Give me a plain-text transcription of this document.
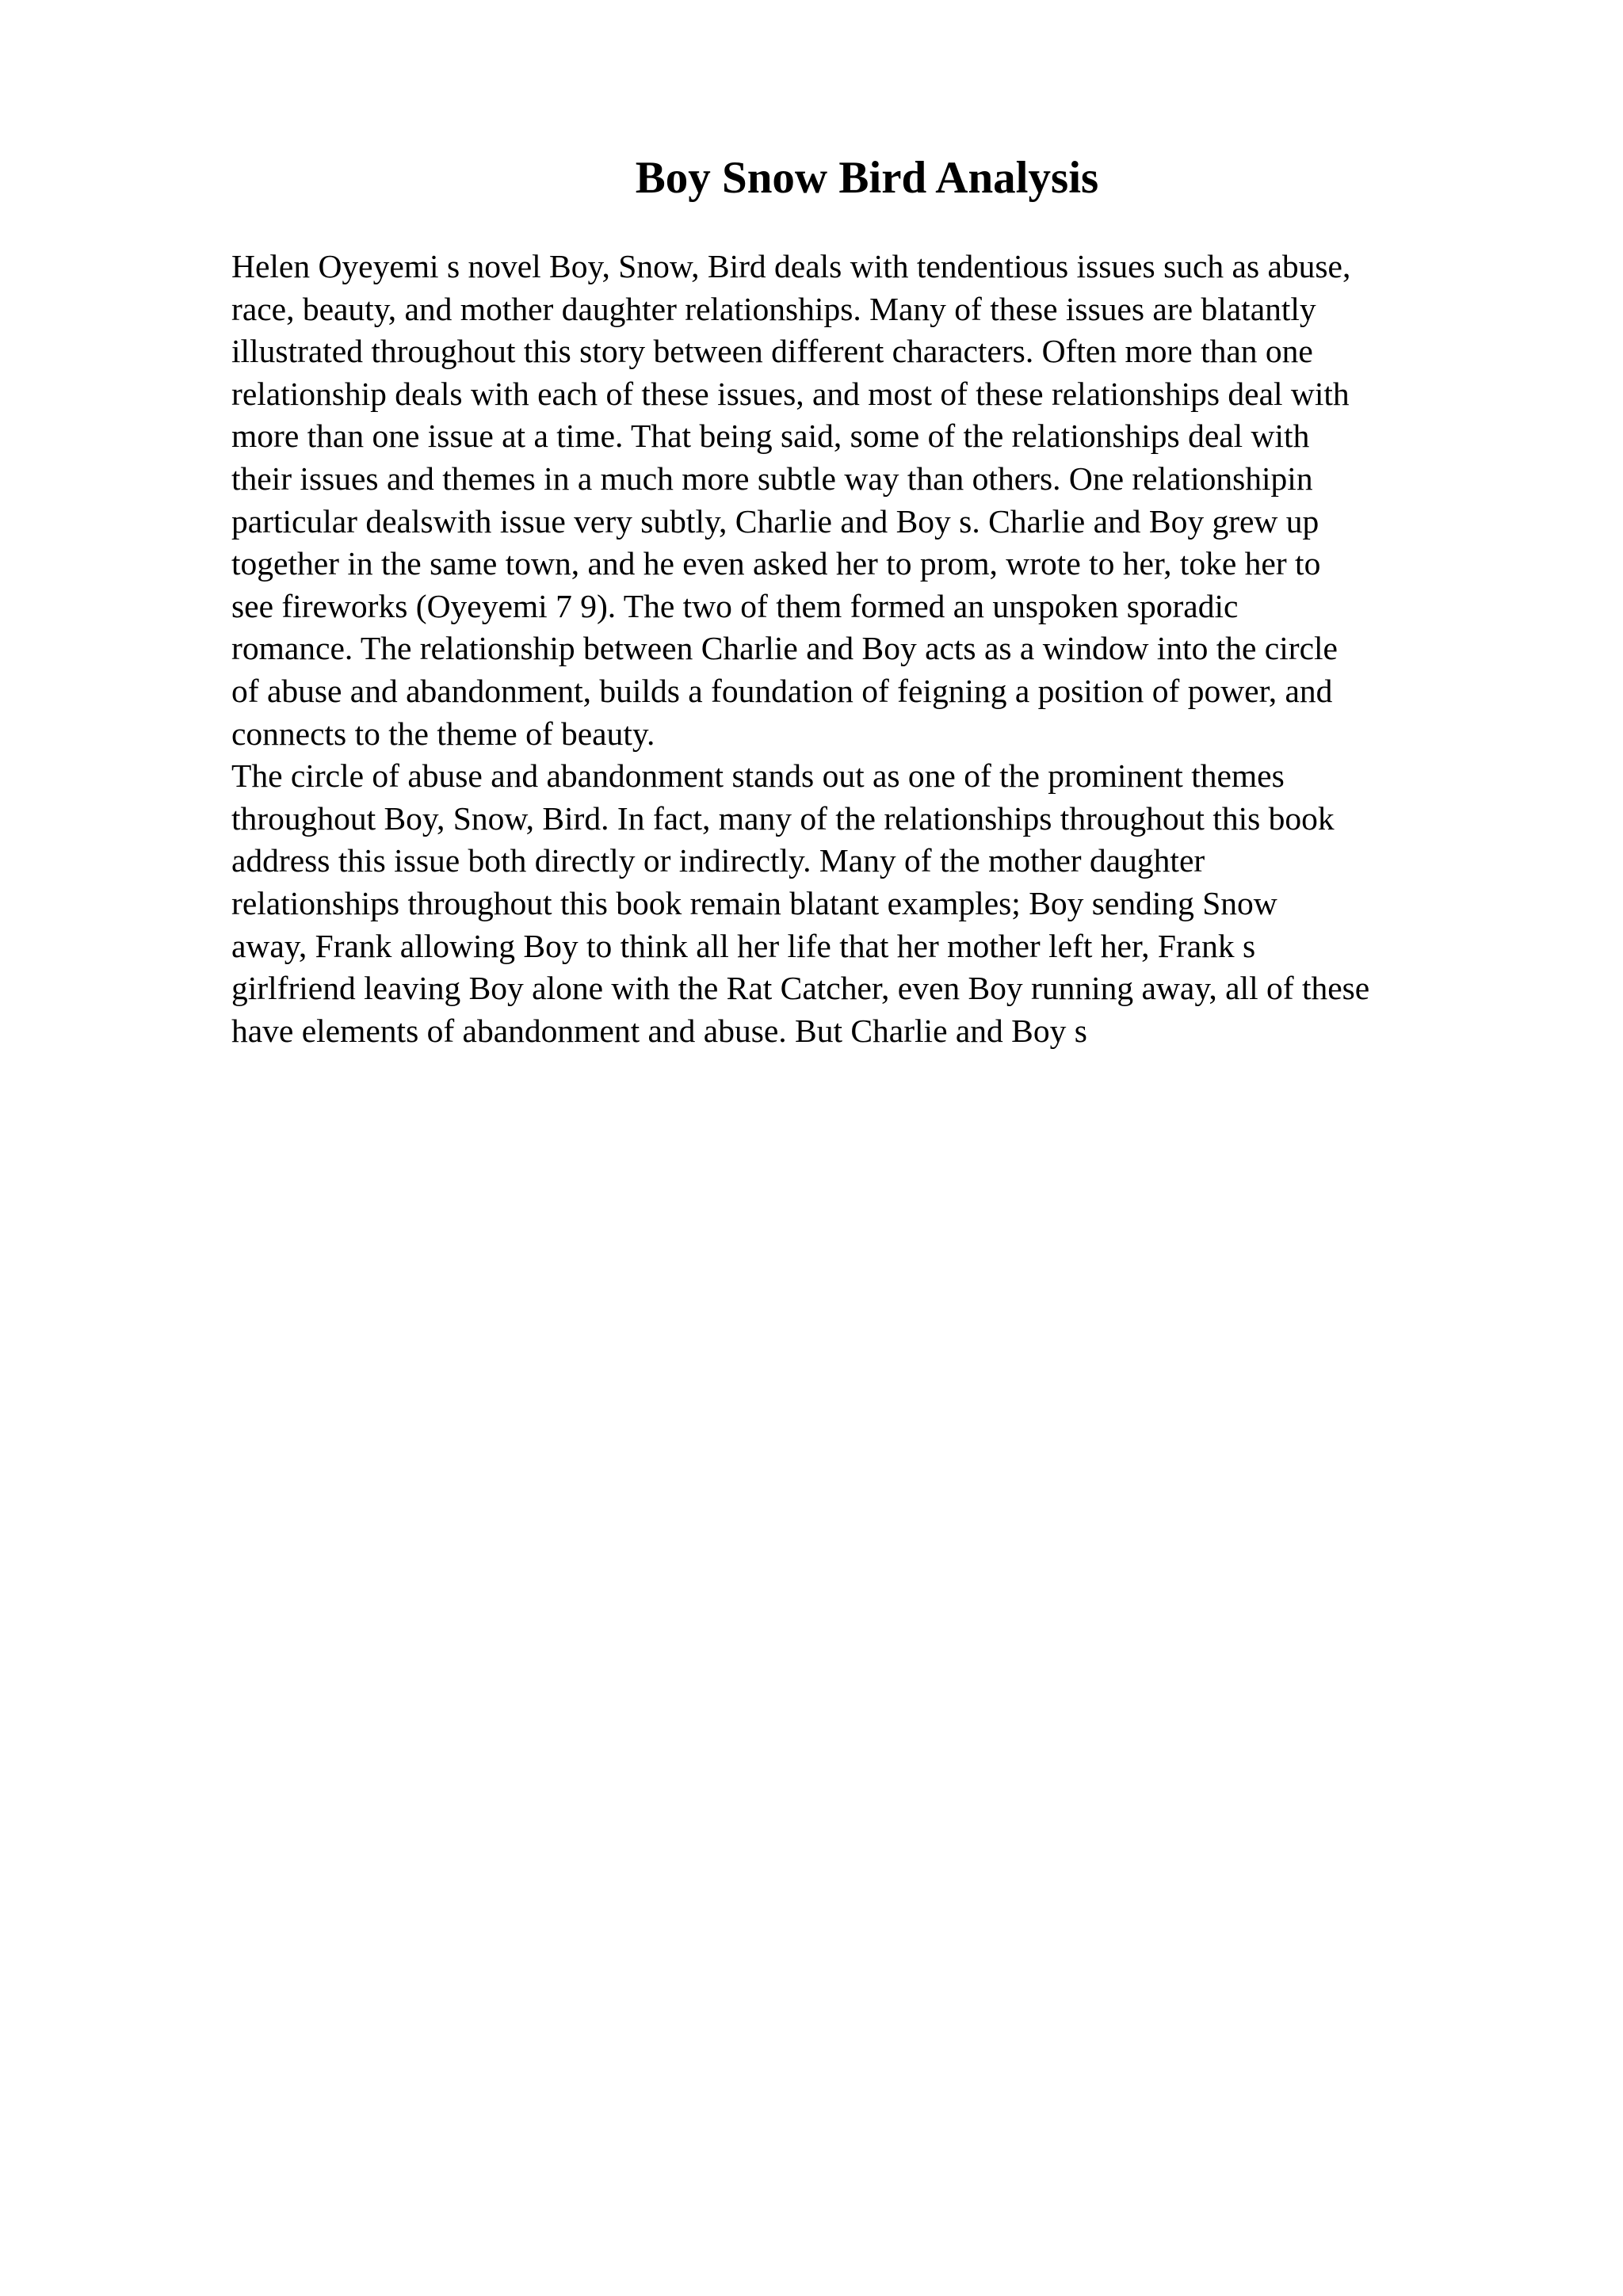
Boy Snow Bird Analysis
Helen Oyeyemi s novel Boy, Snow, Bird deals with tendentious issues such as abuse,
race, beauty, and mother daughter relationships. Many of these issues are blatantly
illustrated throughout this story between different characters. Often more than one
relationship deals with each of these issues, and most of these relationships deal with
more than one issue at a time. That being said, some of the relationships deal with
their issues and themes in a much more subtle way than others. One relationshipin
particular dealswith issue very subtly, Charlie and Boy s. Charlie and Boy grew up
together in the same town, and he even asked her to prom, wrote to her, toke her to
see fireworks (Oyeyemi 7 9). The two of them formed an unspoken sporadic
romance. The relationship between Charlie and Boy acts as a window into the circle
of abuse and abandonment, builds a foundation of feigning a position of power, and
connects to the theme of beauty.
The circle of abuse and abandonment stands out as one of the prominent themes
throughout Boy, Snow, Bird. In fact, many of the relationships throughout this book
address this issue both directly or indirectly. Many of the mother daughter
relationships throughout this book remain blatant examples; Boy sending Snow
away, Frank allowing Boy to think all her life that her mother left her, Frank s
girlfriend leaving Boy alone with the Rat Catcher, even Boy running away, all of these
have elements of abandonment and abuse. But Charlie and Boy s
